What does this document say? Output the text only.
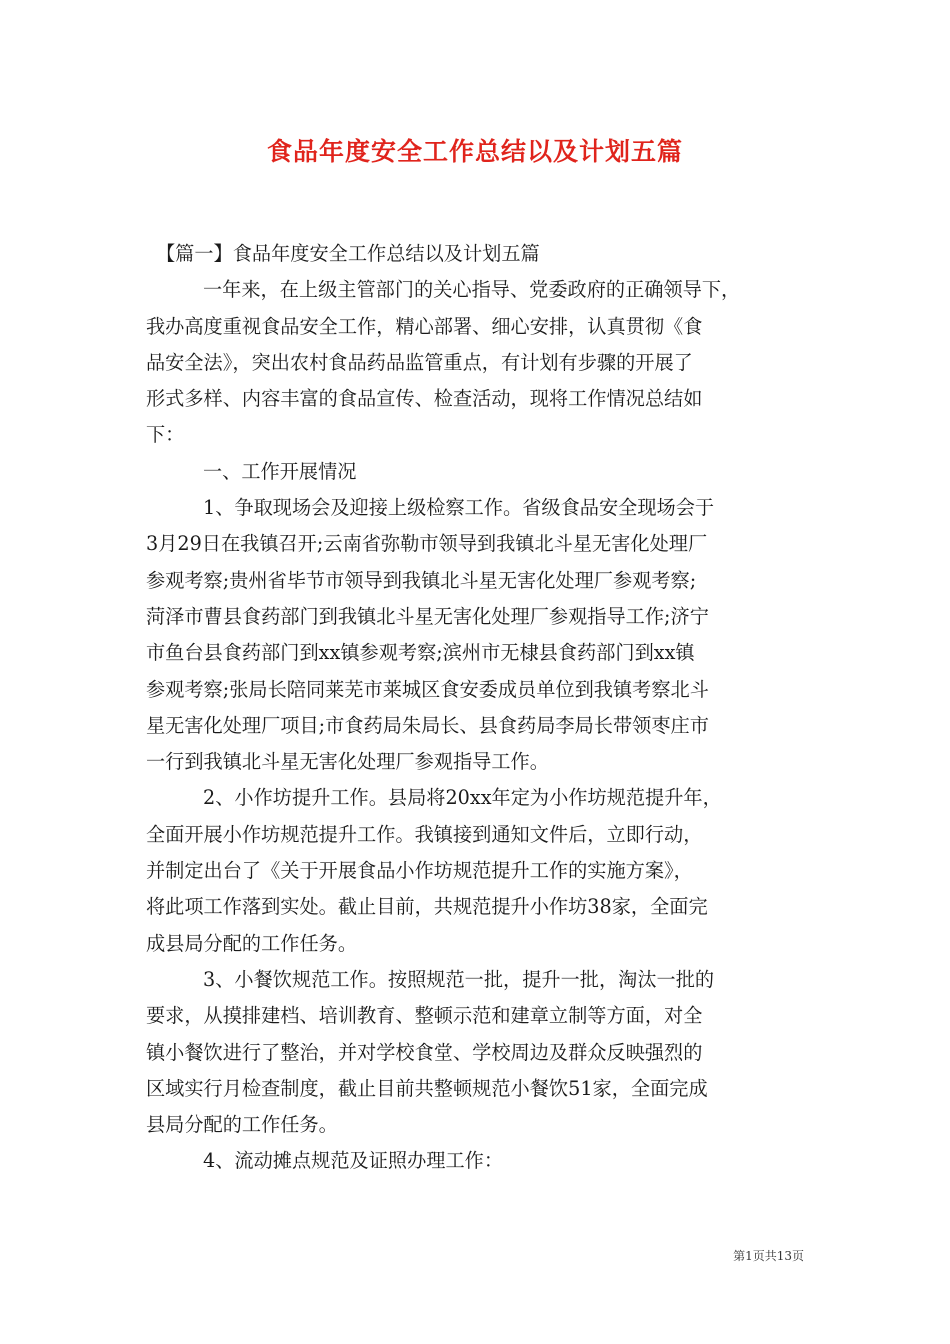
食品年度安全工作总结以及计划五篇
【篇一】食品年度安全工作总结以及计划五篇
一年来，在上级主管部门的关心指导、党委政府的正确领导下，
我办高度重视食品安全工作，精心部署、细心安排，认真贯彻《食
品安全法》，突出农村食品药品监管重点，有计划有步骤的开展了
形式多样、内容丰富的食品宣传、检查活动，现将工作情况总结如
下：
一、工作开展情况
1、争取现场会及迎接上级检察工作。省级食品安全现场会于
3月29日在我镇召开;云南省弥勒市领导到我镇北斗星无害化处理厂
参观考察;贵州省毕节市领导到我镇北斗星无害化处理厂参观考察;
菏泽市曹县食药部门到我镇北斗星无害化处理厂参观指导工作;济宁
市鱼台县食药部门到xx镇参观考察;滨州市无棣县食药部门到xx镇
参观考察;张局长陪同莱芜市莱城区食安委成员单位到我镇考察北斗
星无害化处理厂项目;市食药局朱局长、县食药局李局长带领枣庄市
一行到我镇北斗星无害化处理厂参观指导工作。
2、小作坊提升工作。县局将20xx年定为小作坊规范提升年，
全面开展小作坊规范提升工作。我镇接到通知文件后，立即行动，
并制定出台了《关于开展食品小作坊规范提升工作的实施方案》，
将此项工作落到实处。截止目前，共规范提升小作坊38家，全面完
成县局分配的工作任务。
3、小餐饮规范工作。按照规范一批，提升一批，淘汰一批的
要求，从摸排建档、培训教育、整顿示范和建章立制等方面，对全
镇小餐饮进行了整治，并对学校食堂、学校周边及群众反映强烈的
区域实行月检查制度，截止目前共整顿规范小餐饮51家，全面完成
县局分配的工作任务。
4、流动摊点规范及证照办理工作：
第1页共13页
